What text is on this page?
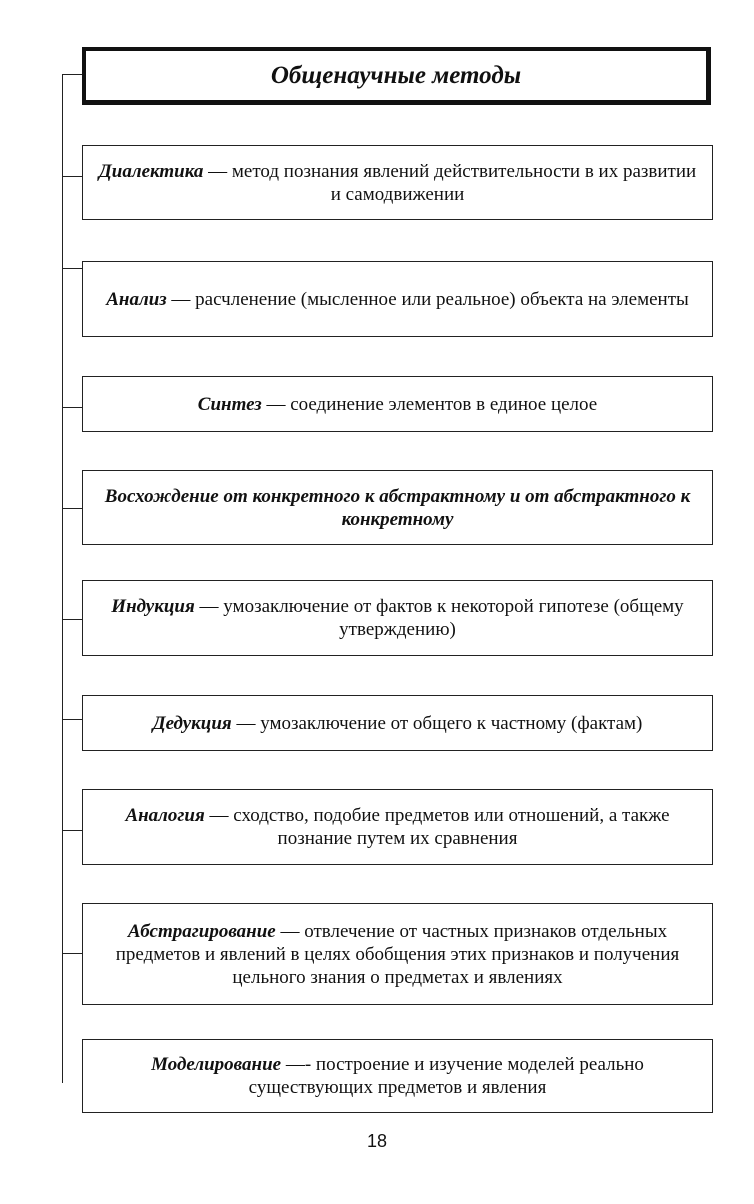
Общенаучные методы
Диалектика — метод познания явлений действительности в их развитии и самодвижении
Анализ — расчленение (мысленное или реальное) объекта на элементы
Синтез — соединение элементов в единое целое
Восхождение от конкретного к абстрактному и от абстрактного к конкретному
Индукция — умозаключение от фактов к некоторой гипотезе (общему утверждению)
Дедукция — умозаключение от общего к частному (фактам)
Аналогия — сходство, подобие предметов или отношений, а также познание путем их сравнения
Абстрагирование — отвлечение от частных признаков отдельных предметов и явлений в целях обобщения этих признаков и получения цельного знания о предметах и явлениях
Моделирование —- построение и изучение моделей реально существующих предметов и явления
18
